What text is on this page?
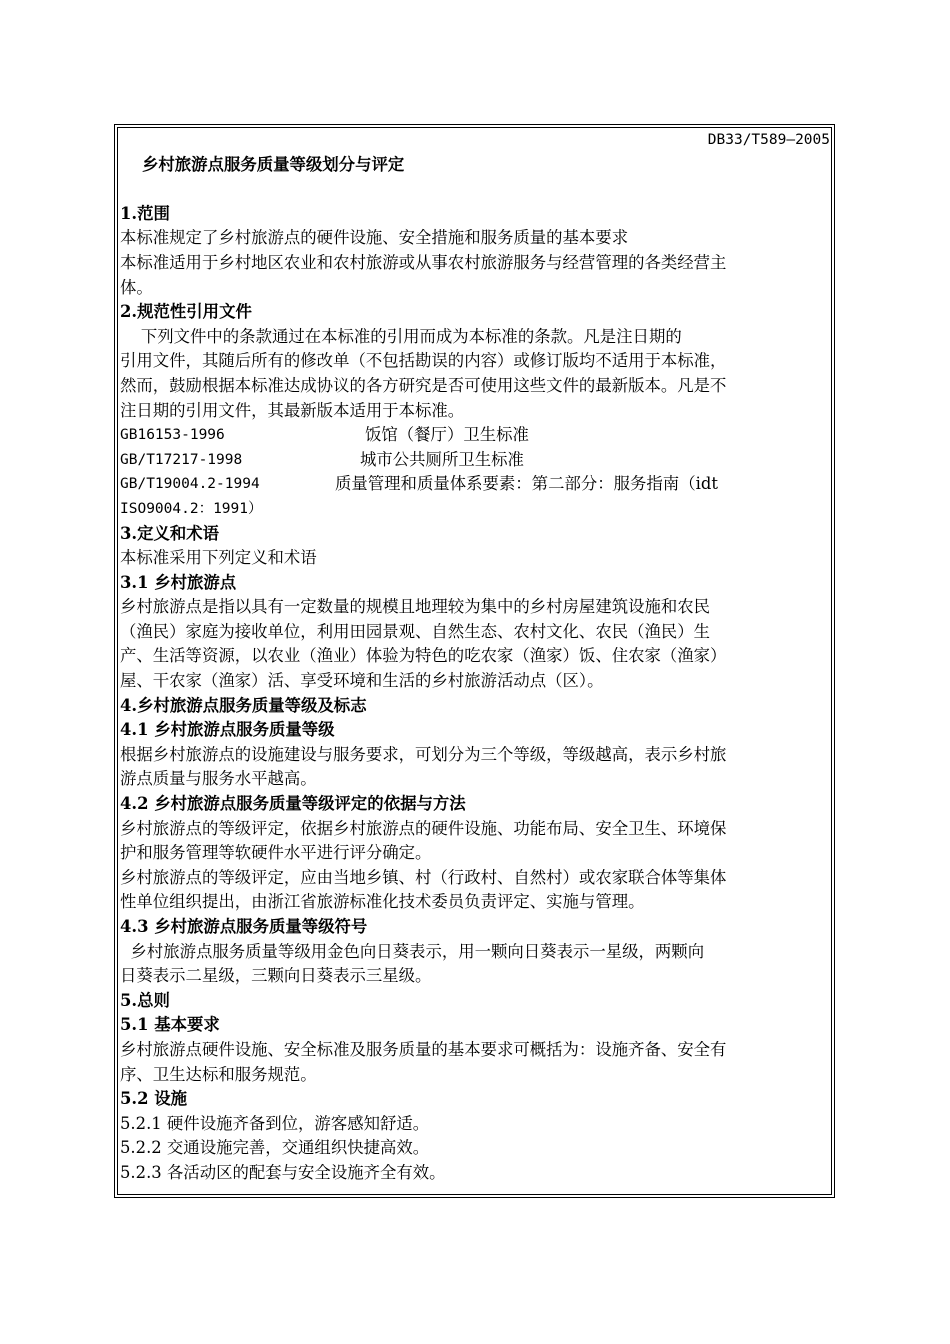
DB33/T589—2005
乡村旅游点服务质量等级划分与评定
1.范围
本标准规定了乡村旅游点的硬件设施、安全措施和服务质量的基本要求
本标准适用于乡村地区农业和农村旅游或从事农村旅游服务与经营管理的各类经营主
体。
2.规范性引用文件
下列文件中的条款通过在本标准的引用而成为本标准的条款。凡是注日期的
引用文件，其随后所有的修改单（不包括勘误的内容）或修订版均不适用于本标准，
然而，鼓励根据本标准达成协议的各方研究是否可使用这些文件的最新版本。凡是不
注日期的引用文件，其最新版本适用于本标准。
GB16153-1996	饭馆（餐厅）卫生标准
GB/T17217-1998	城市公共厕所卫生标准
GB/T19004.2-1994	质量管理和质量体系要素：第二部分：服务指南（idt
ISO9004.2：1991）
3.定义和术语
本标准采用下列定义和术语
3.1 乡村旅游点
乡村旅游点是指以具有一定数量的规模且地理较为集中的乡村房屋建筑设施和农民
（渔民）家庭为接收单位，利用田园景观、自然生态、农村文化、农民（渔民）生
产、生活等资源，以农业（渔业）体验为特色的吃农家（渔家）饭、住农家（渔家）
屋、干农家（渔家）活、享受环境和生活的乡村旅游活动点（区）。
4.乡村旅游点服务质量等级及标志
4.1 乡村旅游点服务质量等级
根据乡村旅游点的设施建设与服务要求，可划分为三个等级，等级越高，表示乡村旅
游点质量与服务水平越高。
4.2 乡村旅游点服务质量等级评定的依据与方法
乡村旅游点的等级评定，依据乡村旅游点的硬件设施、功能布局、安全卫生、环境保
护和服务管理等软硬件水平进行评分确定。
乡村旅游点的等级评定，应由当地乡镇、村（行政村、自然村）或农家联合体等集体
性单位组织提出，由浙江省旅游标准化技术委员负责评定、实施与管理。
4.3 乡村旅游点服务质量等级符号
乡村旅游点服务质量等级用金色向日葵表示，用一颗向日葵表示一星级，两颗向
日葵表示二星级，三颗向日葵表示三星级。
5.总则
5.1 基本要求
乡村旅游点硬件设施、安全标准及服务质量的基本要求可概括为：设施齐备、安全有
序、卫生达标和服务规范。
5.2 设施
5.2.1 硬件设施齐备到位，游客感知舒适。
5.2.2 交通设施完善，交通组织快捷高效。
5.2.3 各活动区的配套与安全设施齐全有效。
